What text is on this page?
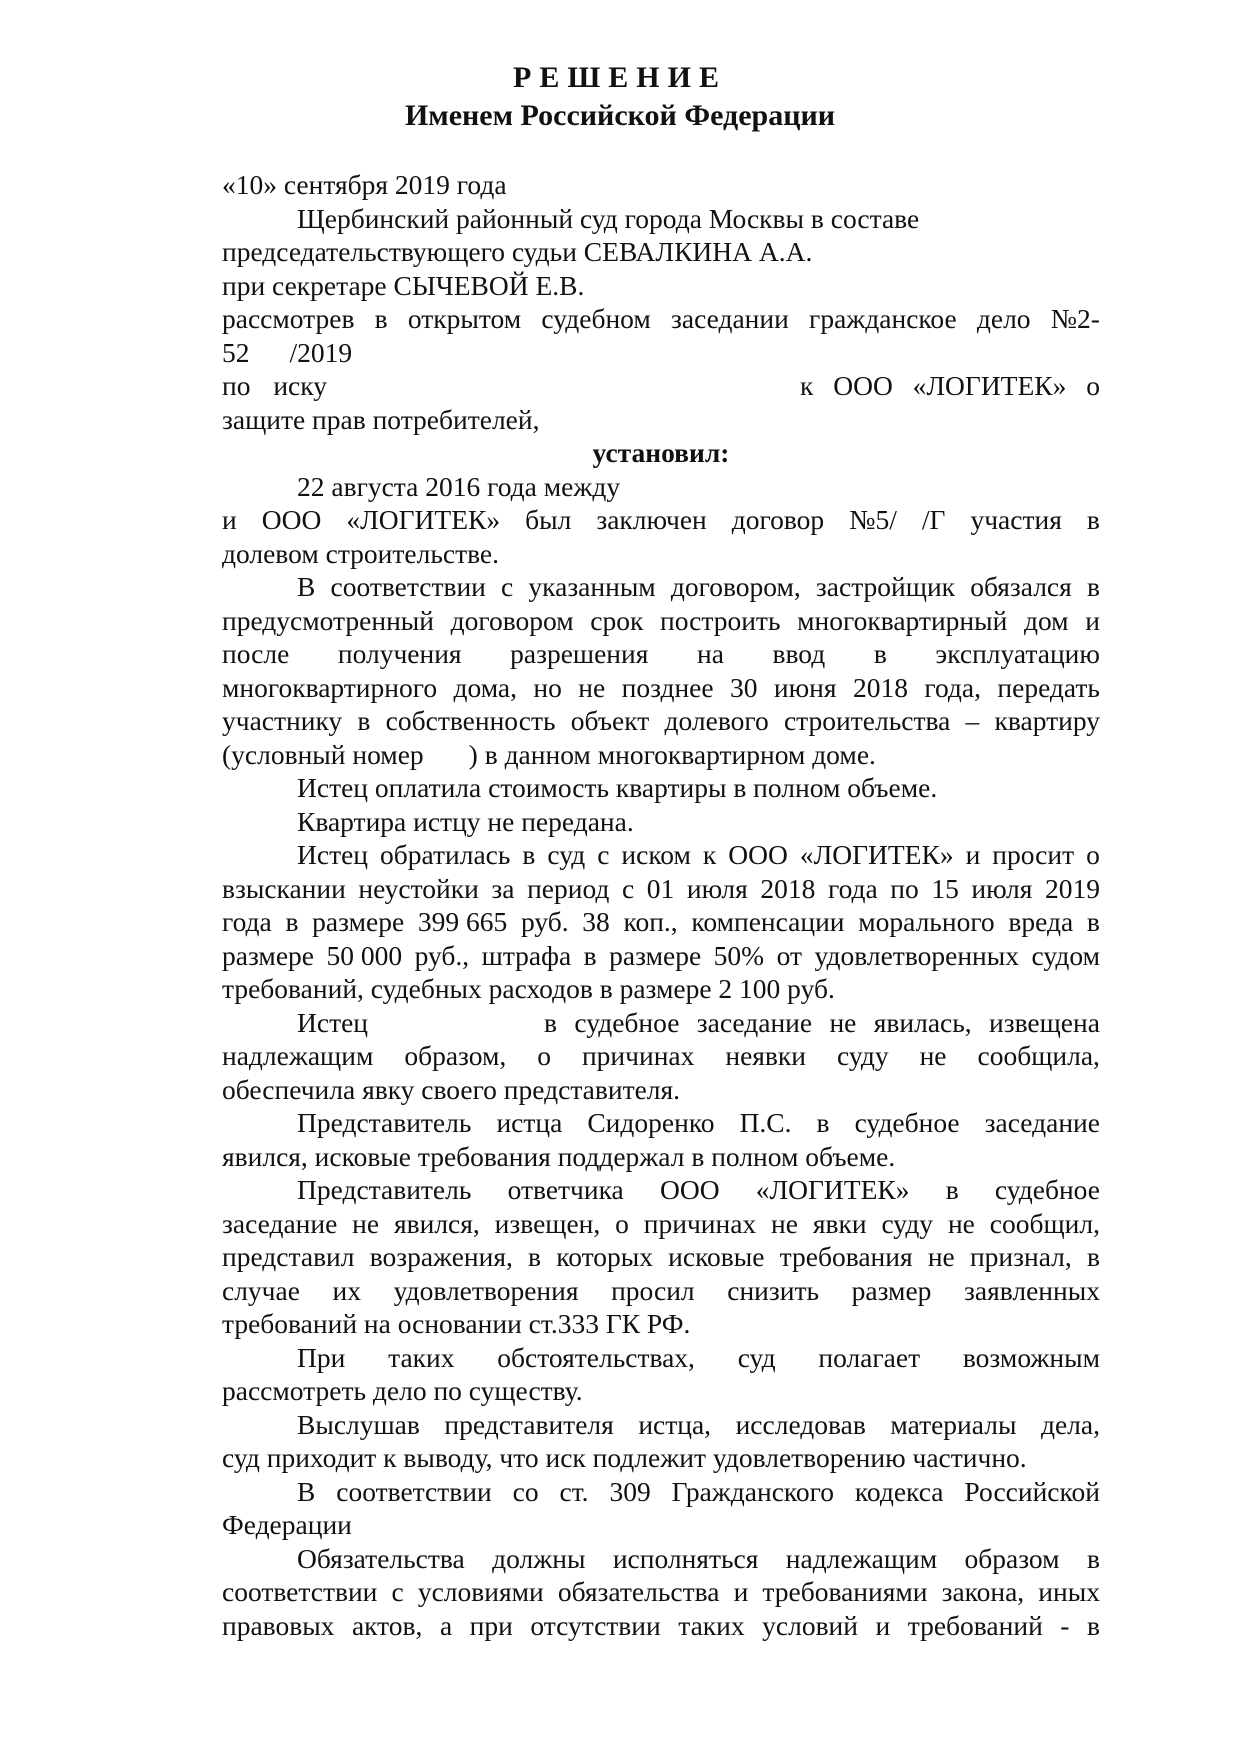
РЕШЕНИЕ
Именем Российской Федерации
«10» сентября 2019 года
Щербинский районный суд города Москвы в составе
председательствующего судьи СЕВАЛКИНА А.А.
при секретаре СЫЧЕВОЙ Е.В.
рассмотрев в открытом судебном заседании гражданское дело №2-
52 /2019
по иску	к ООО «ЛОГИТЕК» о
защите прав потребителей,
установил:
22 августа 2016 года между
и ООО «ЛОГИТЕК» был заключен договор №5/ /Г участия в
долевом строительстве.
В соответствии с указанным договором, застройщик обязался в
предусмотренный договором срок построить многоквартирный дом и
после получения разрешения на ввод в эксплуатацию
многоквартирного дома, но не позднее 30 июня 2018 года, передать
участнику в собственность объект долевого строительства – квартиру
(условный номер ) в данном многоквартирном доме.
Истец оплатила стоимость квартиры в полном объеме.
Квартира истцу не передана.
Истец обратилась в суд с иском к ООО «ЛОГИТЕК» и просит о
взыскании неустойки за период с 01 июля 2018 года по 15 июля 2019
года в размере 399 665 руб. 38 коп., компенсации морального вреда в
размере 50 000 руб., штрафа в размере 50% от удовлетворенных судом
требований, судебных расходов в размере 2 100 руб.
Истец	в судебное заседание не явилась, извещена
надлежащим образом, о причинах неявки суду не сообщила,
обеспечила явку своего представителя.
Представитель истца Сидоренко П.С. в судебное заседание
явился, исковые требования поддержал в полном объеме.
Представитель ответчика ООО «ЛОГИТЕК» в судебное
заседание не явился, извещен, о причинах не явки суду не сообщил,
представил возражения, в которых исковые требования не признал, в
случае их удовлетворения просил снизить размер заявленных
требований на основании ст.333 ГК РФ.
При таких обстоятельствах, суд полагает возможным
рассмотреть дело по существу.
Выслушав представителя истца, исследовав материалы дела,
суд приходит к выводу, что иск подлежит удовлетворению частично.
В соответствии со ст. 309 Гражданского кодекса Российской
Федерации
Обязательства должны исполняться надлежащим образом в
соответствии с условиями обязательства и требованиями закона, иных
правовых актов, а при отсутствии таких условий и требований - в
